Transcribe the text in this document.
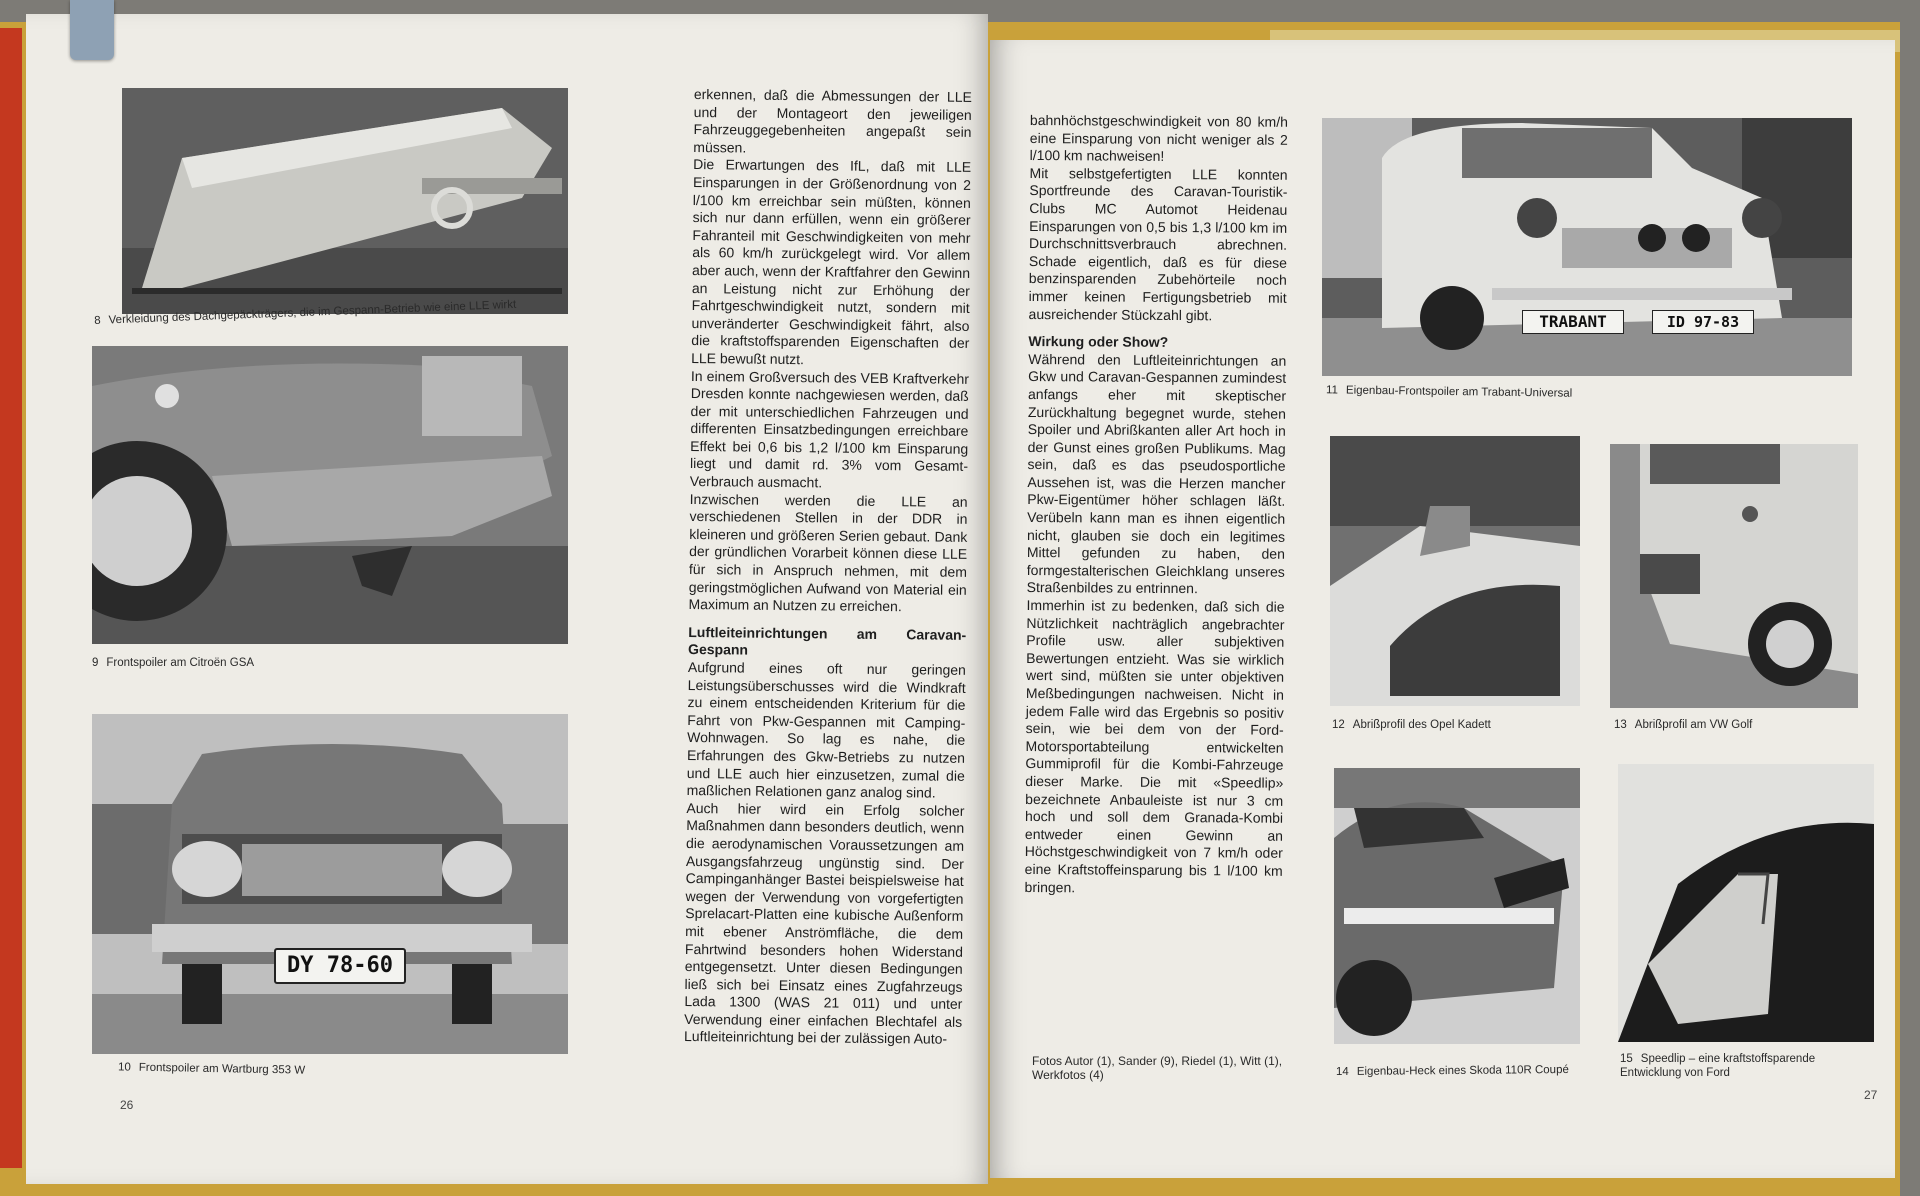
8 Verkleidung des Dachgepäckträgers, die im Gespann-Betrieb wie eine LLE wirkt
9 Frontspoiler am Citroën GSA
DY 78-60
10 Frontspoiler am Wartburg 353 W
26

erkennen, daß die Abmessungen der LLE und der Montageort den jeweiligen Fahrzeuggegebenheiten angepaßt sein müssen.

Die Erwartungen des IfL, daß mit LLE Einsparungen in der Größenordnung von 2 l/100 km erreichbar sein müßten, können sich nur dann erfüllen, wenn ein größerer Fahranteil mit Geschwindigkeiten von mehr als 60 km/h zurückgelegt wird. Vor allem aber auch, wenn der Kraftfahrer den Gewinn an Leistung nicht zur Erhöhung der Fahrtgeschwindigkeit nutzt, sondern mit unveränderter Geschwindigkeit fährt, also die kraftstoffsparenden Eigenschaften der LLE bewußt nutzt.

In einem Großversuch des VEB Kraftverkehr Dresden konnte nachgewiesen werden, daß der mit unterschiedlichen Fahrzeugen und differenten Einsatzbedingungen erreichbare Effekt bei 0,6 bis 1,2 l/100 km Einsparung liegt und damit rd. 3% vom Gesamt-Verbrauch ausmacht.

Inzwischen werden die LLE an verschiedenen Stellen in der DDR in kleineren und größeren Serien gebaut. Dank der gründlichen Vorarbeit können diese LLE für sich in Anspruch nehmen, mit dem geringstmöglichen Aufwand von Material ein Maximum an Nutzen zu erreichen.

Luftleiteinrichtungen am Caravan-Gespann

Aufgrund eines oft nur geringen Leistungsüberschusses wird die Windkraft zu einem entscheidenden Kriterium für die Fahrt von Pkw-Gespannen mit Camping-Wohnwagen. So lag es nahe, die Erfahrungen des Gkw-Betriebs zu nutzen und LLE auch hier einzusetzen, zumal die maßlichen Relationen ganz analog sind.

Auch hier wird ein Erfolg solcher Maßnahmen dann besonders deutlich, wenn die aerodynamischen Voraussetzungen am Ausgangsfahrzeug ungünstig sind. Der Campinganhänger Bastei beispielsweise hat wegen der Verwendung von vorgefertigten Sprelacart-Platten eine kubische Außenform mit ebener Anströmfläche, die dem Fahrtwind besonders hohen Widerstand entgegensetzt. Unter diesen Bedingungen ließ sich bei Einsatz eines Zugfahrzeugs Lada 1300 (WAS 21 011) und unter Verwendung einer einfachen Blechtafel als Luftleiteinrichtung bei der zulässigen Auto-

bahnhöchstgeschwindigkeit von 80 km/h eine Einsparung von nicht weniger als 2 l/100 km nachweisen!

Mit selbstgefertigten LLE konnten Sportfreunde des Caravan-Touristik-Clubs MC Automot Heidenau Einsparungen von 0,5 bis 1,3 l/100 km im Durchschnittsverbrauch abrechnen. Schade eigentlich, daß es für diese benzinsparenden Zubehörteile noch immer keinen Fertigungsbetrieb mit ausreichender Stückzahl gibt.

Wirkung oder Show?

Während den Luftleiteinrichtungen an Gkw und Caravan-Gespannen zumindest anfangs eher mit skeptischer Zurückhaltung begegnet wurde, stehen Spoiler und Abrißkanten aller Art hoch in der Gunst eines großen Publikums. Mag sein, daß es das pseudosportliche Aussehen ist, was die Herzen mancher Pkw-Eigentümer höher schlagen läßt. Verübeln kann man es ihnen eigentlich nicht, glauben sie doch ein legitimes Mittel gefunden zu haben, den formgestalterischen Gleichklang unseres Straßenbildes zu entrinnen.

Immerhin ist zu bedenken, daß sich die Nützlichkeit nachträglich angebrachter Profile usw. aller subjektiven Bewertungen entzieht. Was sie wirklich wert sind, müßten sie unter objektiven Meßbedingungen nachweisen. Nicht in jedem Falle wird das Ergebnis so positiv sein, wie bei dem von der Ford-Motorsportabteilung entwickelten Gummiprofil für die Kombi-Fahrzeuge dieser Marke. Die mit «Speedlip» bezeichnete Anbauleiste ist nur 3 cm hoch und soll dem Granada-Kombi entweder einen Gewinn an Höchstgeschwindigkeit von 7 km/h oder eine Kraftstoffeinsparung bis 1 l/100 km bringen.

Fotos Autor (1), Sander (9), Riedel (1), Witt (1), Werkfotos (4)
TRABANT	ID 97-83
11 Eigenbau-Frontspoiler am Trabant-Universal
12 Abrißprofil des Opel Kadett	13 Abrißprofil am VW Golf
14 Eigenbau-Heck eines Skoda 110R Coupé
15 Speedlip – eine kraftstoffsparende Entwicklung von Ford
27
